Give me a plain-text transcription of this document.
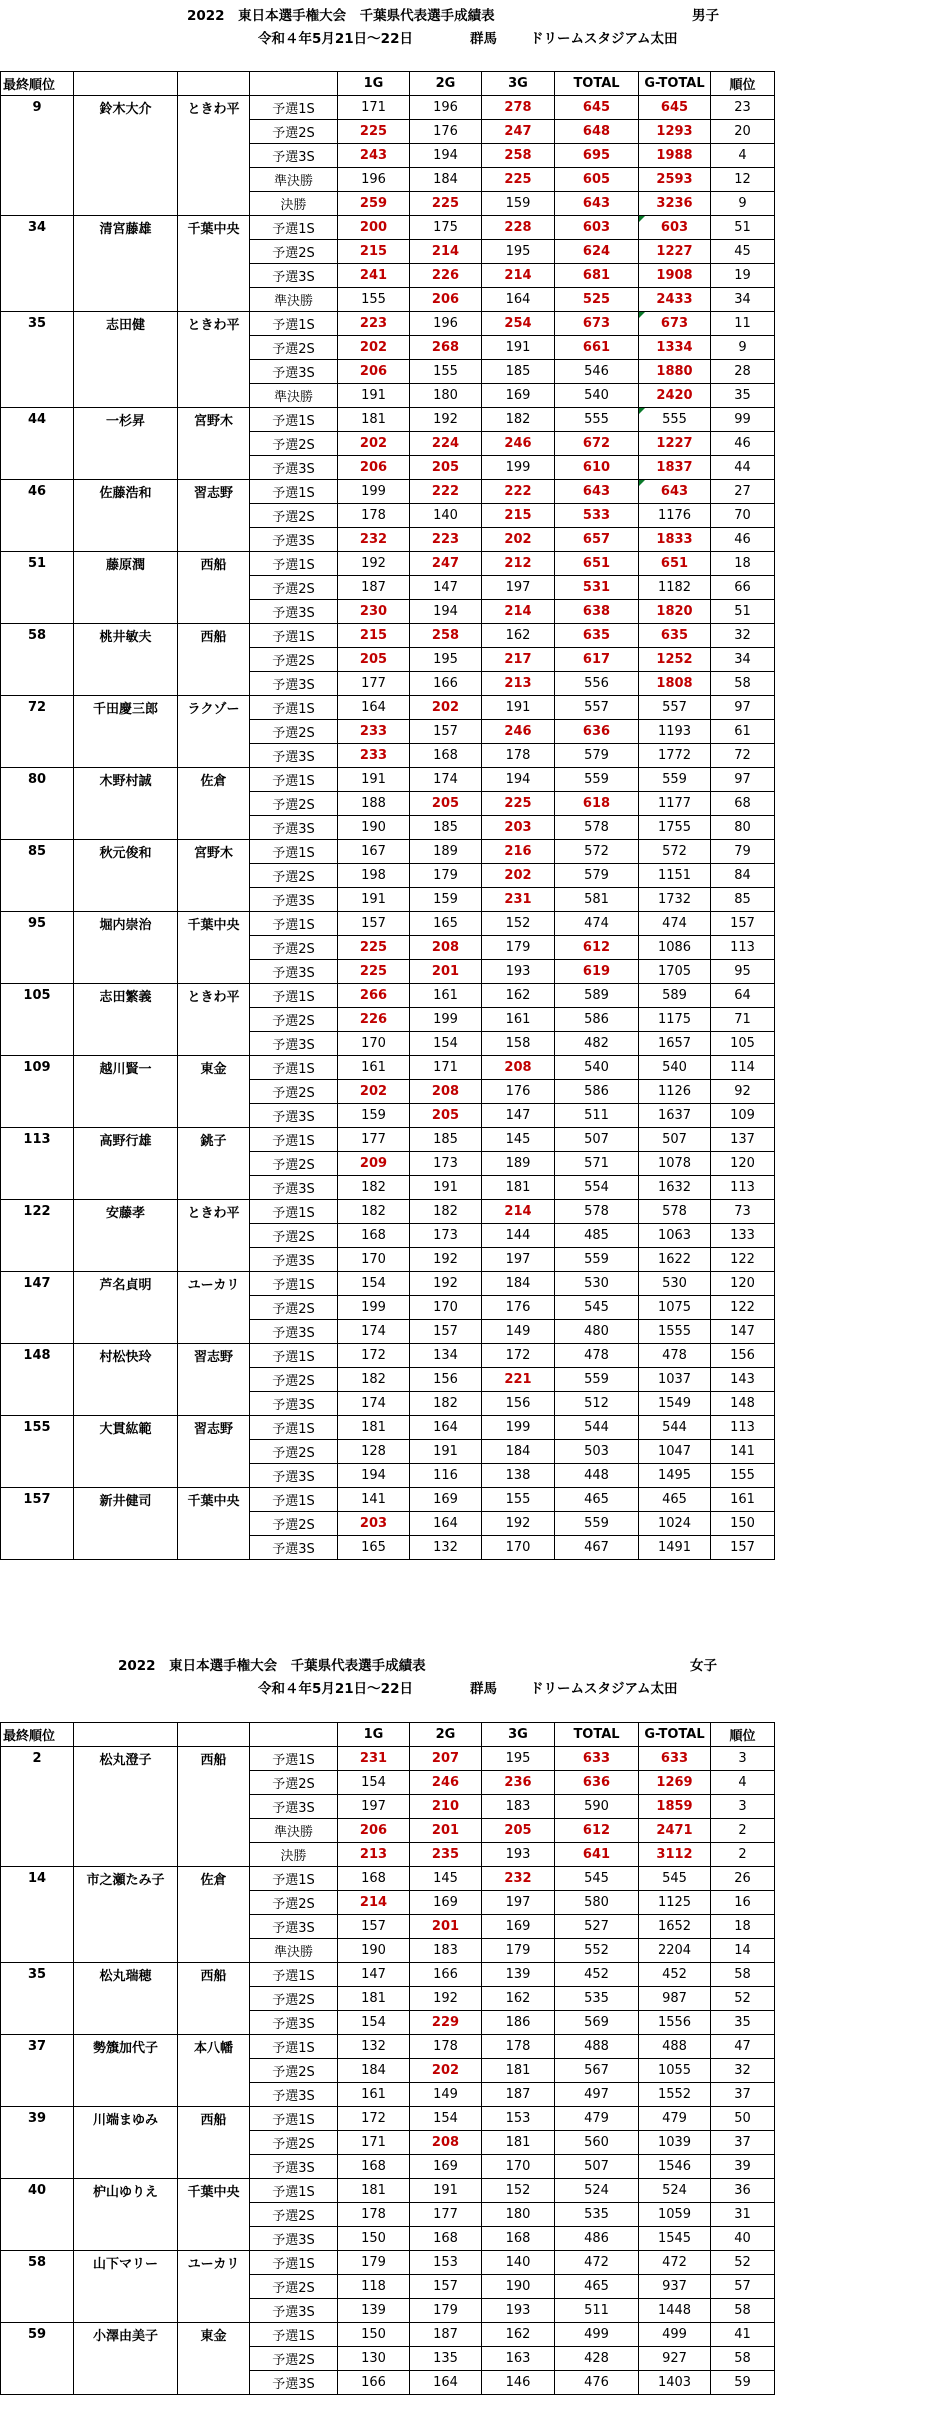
2022　東日本選手権大会　千葉県代表選手成績表	男子
令和４年5月21日～22日	群馬 ドリームスタジアム太田
最終順位				1G	2G	3G	TOTAL	G-TOTAL	順位
9	鈴木大介	ときわ平	予選1S	171	196	278	645	645	23
			予選2S	225	176	247	648	1293	20
			予選3S	243	194	258	695	1988	4
			準決勝	196	184	225	605	2593	12
			決勝	259	225	159	643	3236	9
34	清宮藤雄	千葉中央	予選1S	200	175	228	603	603	51
			予選2S	215	214	195	624	1227	45
			予選3S	241	226	214	681	1908	19
			準決勝	155	206	164	525	2433	34
35	志田健	ときわ平	予選1S	223	196	254	673	673	11
			予選2S	202	268	191	661	1334	9
			予選3S	206	155	185	546	1880	28
			準決勝	191	180	169	540	2420	35
44	一杉昇	宮野木	予選1S	181	192	182	555	555	99
			予選2S	202	224	246	672	1227	46
			予選3S	206	205	199	610	1837	44
46	佐藤浩和	習志野	予選1S	199	222	222	643	643	27
			予選2S	178	140	215	533	1176	70
			予選3S	232	223	202	657	1833	46
51	藤原潤	西船	予選1S	192	247	212	651	651	18
			予選2S	187	147	197	531	1182	66
			予選3S	230	194	214	638	1820	51
58	桃井敏夫	西船	予選1S	215	258	162	635	635	32
			予選2S	205	195	217	617	1252	34
			予選3S	177	166	213	556	1808	58
72	千田慶三郎	ラクゾー	予選1S	164	202	191	557	557	97
			予選2S	233	157	246	636	1193	61
			予選3S	233	168	178	579	1772	72
80	木野村誠	佐倉	予選1S	191	174	194	559	559	97
			予選2S	188	205	225	618	1177	68
			予選3S	190	185	203	578	1755	80
85	秋元俊和	宮野木	予選1S	167	189	216	572	572	79
			予選2S	198	179	202	579	1151	84
			予選3S	191	159	231	581	1732	85
95	堀内崇治	千葉中央	予選1S	157	165	152	474	474	157
			予選2S	225	208	179	612	1086	113
			予選3S	225	201	193	619	1705	95
105	志田繁義	ときわ平	予選1S	266	161	162	589	589	64
			予選2S	226	199	161	586	1175	71
			予選3S	170	154	158	482	1657	105
109	越川賢一	東金	予選1S	161	171	208	540	540	114
			予選2S	202	208	176	586	1126	92
			予選3S	159	205	147	511	1637	109
113	高野行雄	銚子	予選1S	177	185	145	507	507	137
			予選2S	209	173	189	571	1078	120
			予選3S	182	191	181	554	1632	113
122	安藤孝	ときわ平	予選1S	182	182	214	578	578	73
			予選2S	168	173	144	485	1063	133
			予選3S	170	192	197	559	1622	122
147	芦名貞明	ユーカリ	予選1S	154	192	184	530	530	120
			予選2S	199	170	176	545	1075	122
			予選3S	174	157	149	480	1555	147
148	村松快玲	習志野	予選1S	172	134	172	478	478	156
			予選2S	182	156	221	559	1037	143
			予選3S	174	182	156	512	1549	148
155	大貫紘範	習志野	予選1S	181	164	199	544	544	113
			予選2S	128	191	184	503	1047	141
			予選3S	194	116	138	448	1495	155
157	新井健司	千葉中央	予選1S	141	169	155	465	465	161
			予選2S	203	164	192	559	1024	150
			予選3S	165	132	170	467	1491	157
2022　東日本選手権大会　千葉県代表選手成績表	女子
令和４年5月21日～22日	群馬 ドリームスタジアム太田
最終順位				1G	2G	3G	TOTAL	G-TOTAL	順位
2	松丸澄子	西船	予選1S	231	207	195	633	633	3
			予選2S	154	246	236	636	1269	4
			予選3S	197	210	183	590	1859	3
			準決勝	206	201	205	612	2471	2
			決勝	213	235	193	641	3112	2
14	市之瀬たみ子	佐倉	予選1S	168	145	232	545	545	26
			予選2S	214	169	197	580	1125	16
			予選3S	157	201	169	527	1652	18
			準決勝	190	183	179	552	2204	14
35	松丸瑞穂	西船	予選1S	147	166	139	452	452	58
			予選2S	181	192	162	535	987	52
			予選3S	154	229	186	569	1556	35
37	勢籏加代子	本八幡	予選1S	132	178	178	488	488	47
			予選2S	184	202	181	567	1055	32
			予選3S	161	149	187	497	1552	37
39	川端まゆみ	西船	予選1S	172	154	153	479	479	50
			予選2S	171	208	181	560	1039	37
			予選3S	168	169	170	507	1546	39
40	枦山ゆりえ	千葉中央	予選1S	181	191	152	524	524	36
			予選2S	178	177	180	535	1059	31
			予選3S	150	168	168	486	1545	40
58	山下マリー	ユーカリ	予選1S	179	153	140	472	472	52
			予選2S	118	157	190	465	937	57
			予選3S	139	179	193	511	1448	58
59	小澤由美子	東金	予選1S	150	187	162	499	499	41
			予選2S	130	135	163	428	927	58
			予選3S	166	164	146	476	1403	59
